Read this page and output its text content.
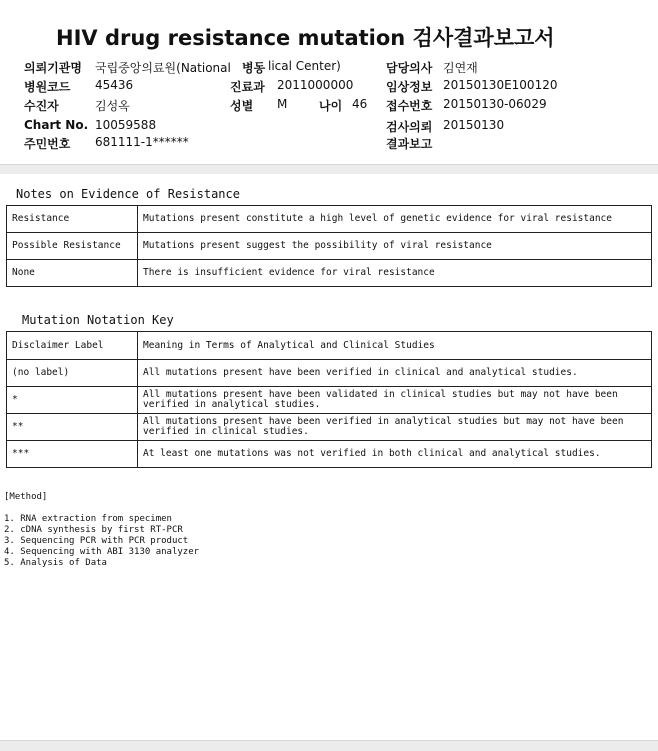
HIV drug resistance mutation 검사결과보고서
의뢰기관명 국립중앙의료원(National 병동 lical Center)	담당의사 김연재
병원코드 45436	진료과 2011000000	임상정보 20150130E100120
수진자	김성옥	성별 M	나이 46 접수번호 20150130-06029
Chart No. 10059588	검사의뢰 20150130
주민번호 681111-1******	결과보고
Notes on Evidence of Resistance
Resistance	Mutations present constitute a high level of genetic evidence for viral resistance
Possible Resistance	Mutations present suggest the possibility of viral resistance
None	There is insufficient evidence for viral resistance
Mutation Notation Key
Disclaimer Label	Meaning in Terms of Analytical and Clinical Studies
(no label)	All mutations present have been verified in clinical and analytical studies.
*	All mutations present have been validated in clinical studies but may not have been verified in analytical studies.
**	All mutations present have been verified in analytical studies but may not have been verified in clinical studies.
***	At least one mutations was not verified in both clinical and analytical studies.
[Method]
1. RNA extraction from specimen
2. cDNA synthesis by first RT-PCR
3. Sequencing PCR with PCR product
4. Sequencing with ABI 3130 analyzer
5. Analysis of Data
